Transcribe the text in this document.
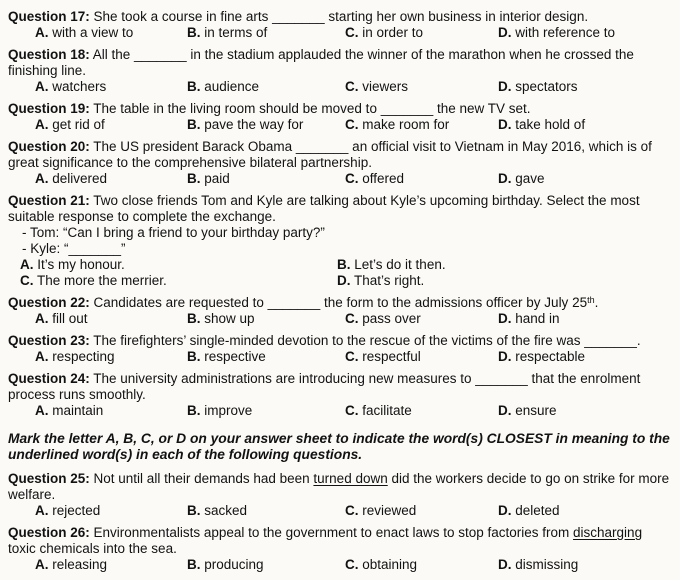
Question 17: She took a course in fine arts _______ starting her own business in interior design.

A. with a view to	B. in terms of	C. in order to	D. with reference to

Question 18: All the _______ in the stadium applauded the winner of the marathon when he crossed the finishing line.

A. watchers	B. audience	C. viewers	D. spectators

Question 19: The table in the living room should be moved to _______ the new TV set.

A. get rid of	B. pave the way for	C. make room for	D. take hold of

Question 20: The US president Barack Obama _______ an official visit to Vietnam in May 2016, which is of great significance to the comprehensive bilateral partnership.

A. delivered	B. paid	C. offered	D. gave

Question 21: Two close friends Tom and Kyle are talking about Kyle’s upcoming birthday. Select the most suitable response to complete the exchange.

- Tom: “Can I bring a friend to your birthday party?”
- Kyle: “_______”
A. It’s my honour.	B. Let’s do it then.
C. The more the merrier.	D. That’s right.

Question 22: Candidates are requested to _______ the form to the admissions officer by July 25th.

A. fill out	B. show up	C. pass over	D. hand in

Question 23: The firefighters’ single-minded devotion to the rescue of the victims of the fire was _______.

A. respecting	B. respective	C. respectful	D. respectable

Question 24: The university administrations are introducing new measures to _______ that the enrolment process runs smoothly.

A. maintain	B. improve	C. facilitate	D. ensure

Mark the letter A, B, C, or D on your answer sheet to indicate the word(s) CLOSEST in meaning to the underlined word(s) in each of the following questions.

Question 25: Not until all their demands had been turned down did the workers decide to go on strike for more welfare.

A. rejected	B. sacked	C. reviewed	D. deleted

Question 26: Environmentalists appeal to the government to enact laws to stop factories from discharging toxic chemicals into the sea.

A. releasing	B. producing	C. obtaining	D. dismissing
